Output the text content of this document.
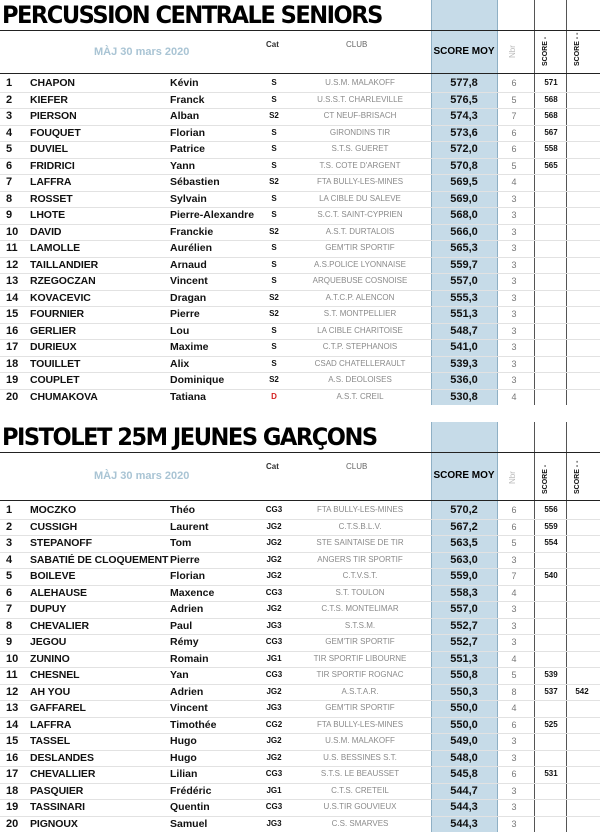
PERCUSSION CENTRALE SENIORS
MÀJ 30 mars 2020
Cat	CLUB
SCORE MOY Nbr	SCORE -	SCORE - -
1	CHAPON	Kévin	S	U.S.M. MALAKOFF	577,8	6	571
2	KIEFER	Franck	S	U.S.S.T. CHARLEVILLE	576,5	5	568
3	PIERSON	Alban	S2	CT NEUF-BRISACH	574,3	7	568
4	FOUQUET	Florian	S	GIRONDINS TIR	573,6	6	567
5	DUVIEL	Patrice	S	S.T.S. GUERET	572,0	6	558
6	FRIDRICI	Yann	S	T.S. COTE D'ARGENT	570,8	5	565
7	LAFFRA	Sébastien	S2	FTA BULLY-LES-MINES	569,5	4
8	ROSSET	Sylvain	S	LA CIBLE DU SALEVE	569,0	3
9	LHOTE	Pierre-Alexandre	S	S.C.T. SAINT-CYPRIEN	568,0	3
10	DAVID	Franckie	S2	A.S.T. DURTALOIS	566,0	3
11	LAMOLLE	Aurélien	S	GEM'TIR SPORTIF	565,3	3
12	TAILLANDIER	Arnaud	S	A.S.POLICE LYONNAISE	559,7	3
13	RZEGOCZAN	Vincent	S	ARQUEBUSE COSNOISE	557,0	3
14	KOVACEVIC	Dragan	S2	A.T.C.P. ALENCON	555,3	3
15	FOURNIER	Pierre	S2	S.T. MONTPELLIER	551,3	3
16	GERLIER	Lou	S	LA CIBLE CHARITOISE	548,7	3
17	DURIEUX	Maxime	S	C.T.P. STEPHANOIS	541,0	3
18	TOUILLET	Alix	S	CSAD CHATELLERAULT	539,3	3
19	COUPLET	Dominique	S2	A.S. DEOLOISES	536,0	3
20	CHUMAKOVA	Tatiana	D	A.S.T. CREIL	530,8	4
PISTOLET 25M JEUNES GARÇONS
MÀJ 30 mars 2020
Cat	CLUB
SCORE MOY Nbr	SCORE -	SCORE - -
1	MOCZKO	Théo	CG3	FTA BULLY-LES-MINES	570,2	6	556
2	CUSSIGH	Laurent	JG2	C.T.S.B.L.V.	567,2	6	559
3	STEPANOFF	Tom	JG2	STE SAINTAISE DE TIR	563,5	5	554
4	SABATIÉ DE CLOQUEMENT Pierre	JG2	ANGERS TIR SPORTIF	563,0	3
5	BOILEVE	Florian	JG2	C.T.V.S.T.	559,0	7	540
6	ALEHAUSE	Maxence	CG3	S.T. TOULON	558,3	4
7	DUPUY	Adrien	JG2	C.T.S. MONTELIMAR	557,0	3
8	CHEVALIER	Paul	JG3	S.T.S.M.	552,7	3
9	JEGOU	Rémy	CG3	GEM'TIR SPORTIF	552,7	3
10	ZUNINO	Romain	JG1	TIR SPORTIF LIBOURNE	551,3	4
11	CHESNEL	Yan	CG3	TIR SPORTIF ROGNAC	550,8	5	539
12	AH YOU	Adrien	JG2	A.S.T.A.R.	550,3	8	537	542
13	GAFFAREL	Vincent	JG3	GEM'TIR SPORTIF	550,0	4
14	LAFFRA	Timothée	CG2	FTA BULLY-LES-MINES	550,0	6	525
15	TASSEL	Hugo	JG2	U.S.M. MALAKOFF	549,0	3
16	DESLANDES	Hugo	JG2	U.S. BESSINES S.T.	548,0	3
17	CHEVALLIER	Lilian	CG3	S.T.S. LE BEAUSSET	545,8	6	531
18	PASQUIER	Frédéric	JG1	C.T.S. CRETEIL	544,7	3
19	TASSINARI	Quentin	CG3	U.S.TIR GOUVIEUX	544,3	3
20	PIGNOUX	Samuel	JG3	C.S. SMARVES	544,3	3
